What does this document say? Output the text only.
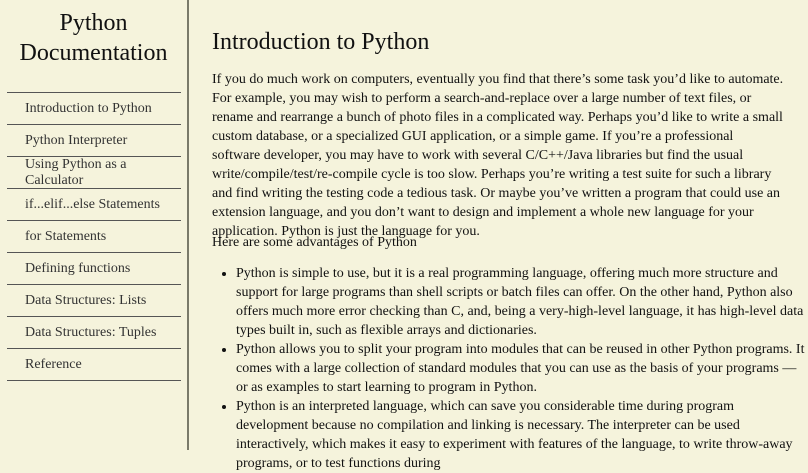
Python
Documentation
Introduction to Python
Python Interpreter
Using Python as a Calculator
if...elif...else Statements
for Statements
Defining functions
Data Structures: Lists
Data Structures: Tuples
Reference
Introduction to Python

If you do much work on computers, eventually you find that there’s some task you’d like to automate. For example, you may wish to perform a search-and-replace over a large number of text files, or rename and rearrange a bunch of photo files in a complicated way. Perhaps you’d like to write a small custom database, or a specialized GUI application, or a simple game. If you’re a professional software developer, you may have to work with several C/C++/Java libraries but find the usual write/compile/test/re-compile cycle is too slow. Perhaps you’re writing a test suite for such a library and find writing the testing code a tedious task. Or maybe you’ve written a program that could use an extension language, and you don’t want to design and implement a whole new language for your application. Python is just the language for you.

Here are some advantages of Python

• Python is simple to use, but it is a real programming language, offering much more structure and support for large programs than shell scripts or batch files can offer. On the other hand, Python also offers much more error checking than C, and, being a very-high-level language, it has high-level data types built in, such as flexible arrays and dictionaries.
• Python allows you to split your program into modules that can be reused in other Python programs. It comes with a large collection of standard modules that you can use as the basis of your programs — or as examples to start learning to program in Python.
• Python is an interpreted language, which can save you considerable time during program development because no compilation and linking is necessary. The interpreter can be used interactively, which makes it easy to experiment with features of the language, to write throw-away programs, or to test functions during
